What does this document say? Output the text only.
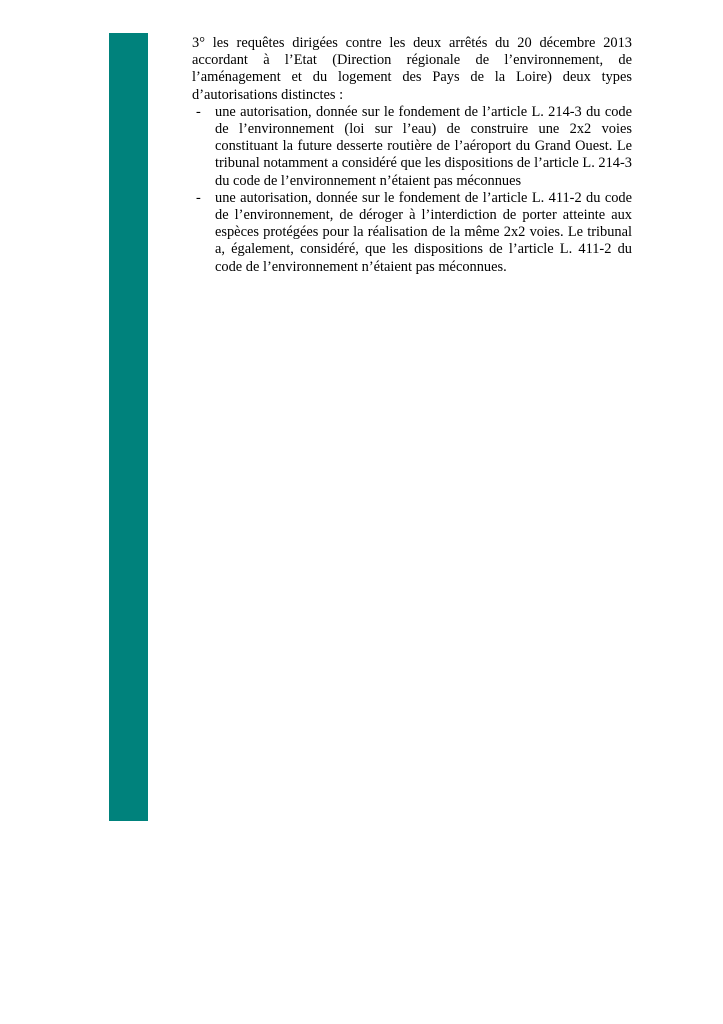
3° les requêtes dirigées contre les deux arrêtés du 20 décembre 2013 accordant à l’Etat (Direction régionale de l’environnement, de l’aménagement et du logement des Pays de la Loire) deux types d’autorisations distinctes :

- une autorisation, donnée sur le fondement de l’article L. 214-3 du code de l’environnement (loi sur l’eau) de construire une 2x2 voies constituant la future desserte routière de l’aéroport du Grand Ouest. Le tribunal notamment a considéré que les dispositions de l’article L. 214-3 du code de l’environnement n’étaient pas méconnues
- une autorisation, donnée sur le fondement de l’article L. 411-2 du code de l’environnement, de déroger à l’interdiction de porter atteinte aux espèces protégées pour la réalisation de la même 2x2 voies. Le tribunal a, également, considéré, que les dispositions de l’article L. 411-2 du code de l’environnement n’étaient pas méconnues.
